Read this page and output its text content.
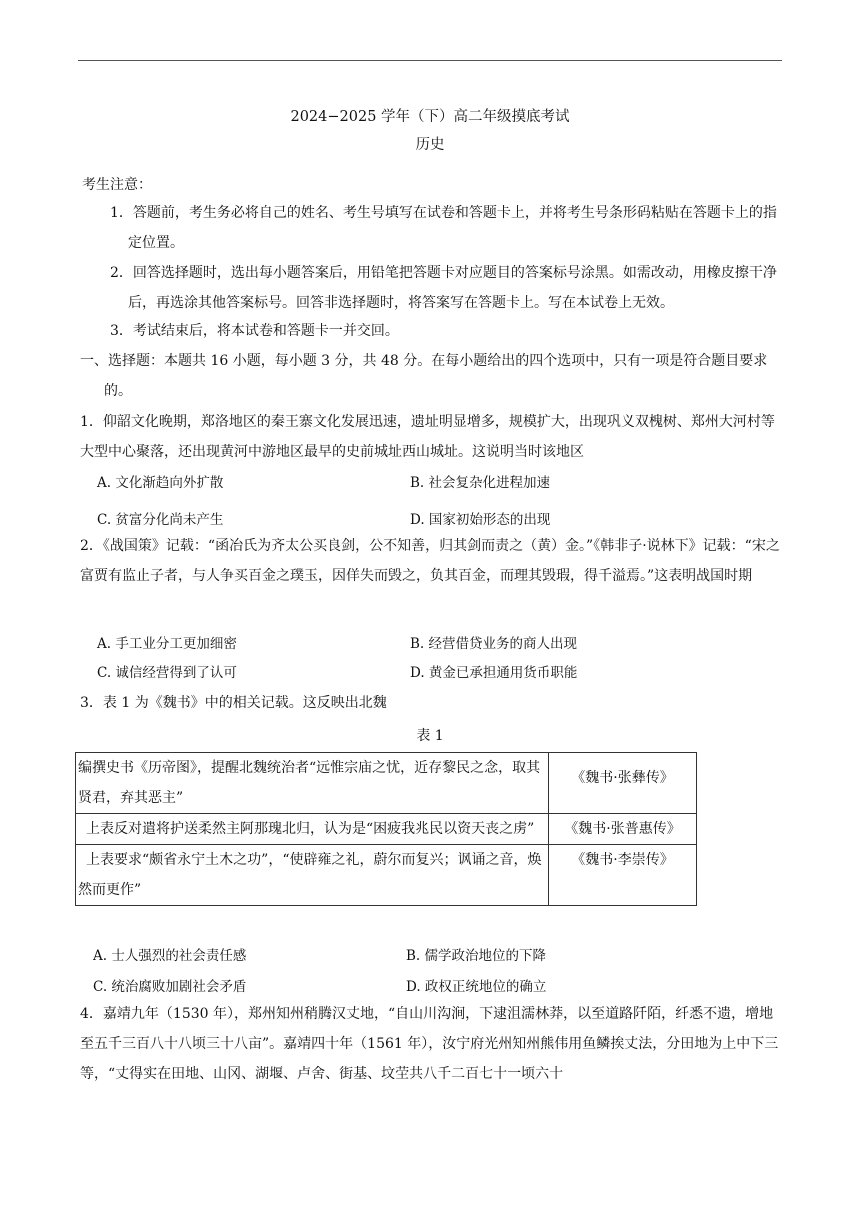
2024−2025 学年（下）高二年级摸底考试
历史
考生注意：
1．答题前，考生务必将自己的姓名、考生号填写在试卷和答题卡上，并将考生号条形码粘贴在答题卡上的指定位置。
2．回答选择题时，选出每小题答案后，用铅笔把答题卡对应题目的答案标号涂黑。如需改动，用橡皮擦干净后，再选涂其他答案标号。回答非选择题时，将答案写在答题卡上。写在本试卷上无效。
3．考试结束后，将本试卷和答题卡一并交回。
一、选择题：本题共 16 小题，每小题 3 分，共 48 分。在每小题给出的四个选项中，只有一项是符合题目要求的。
1．仰韶文化晚期，郑洛地区的秦王寨文化发展迅速，遗址明显增多，规模扩大，出现巩义双槐树、郑州大河村等大型中心聚落，还出现黄河中游地区最早的史前城址西山城址。这说明当时该地区
A. 文化渐趋向外扩散	B. 社会复杂化进程加速
C. 贫富分化尚未产生	D. 国家初始形态的出现
2．《战国策》记载：“函冶氏为齐太公买良剑，公不知善，归其剑而责之（黄）金。”《韩非子·说林下》记载：“宋之富贾有监止子者，与人争买百金之璞玉，因佯失而毁之，负其百金，而理其毁瑕，得千溢焉。”这表明战国时期
A. 手工业分工更加细密	B. 经营借贷业务的商人出现
C. 诚信经营得到了认可	D. 黄金已承担通用货币职能
3．表 1 为《魏书》中的相关记载。这反映出北魏
表 1
编撰史书《历帝图》，提醒北魏统治者“远惟宗庙之忧，近存黎民之念，取其贤君，弃其恶主”	《魏书·张彝传》
上表反对遣将护送柔然主阿那瑰北归，认为是“困疲我兆民以资天丧之虏”	《魏书·张普惠传》
上表要求“颇省永宁土木之功”，“使辟雍之礼，蔚尔而复兴；讽诵之音，焕然而更作”	《魏书·李崇传》
A. 士人强烈的社会责任感	B. 儒学政治地位的下降
C. 统治腐败加剧社会矛盾	D. 政权正统地位的确立
4．嘉靖九年（1530 年），郑州知州稍腾汉丈地，“自山川沟涧，下逮沮濡林莽，以至道路阡陌，纤悉不遗，增地至五千三百八十八顷三十八亩”。嘉靖四十年（1561 年），汝宁府光州知州熊伟用鱼鳞挨丈法，分田地为上中下三等，“丈得实在田地、山冈、湖堰、卢舍、街基、坟茔共八千二百七十一顷六十
